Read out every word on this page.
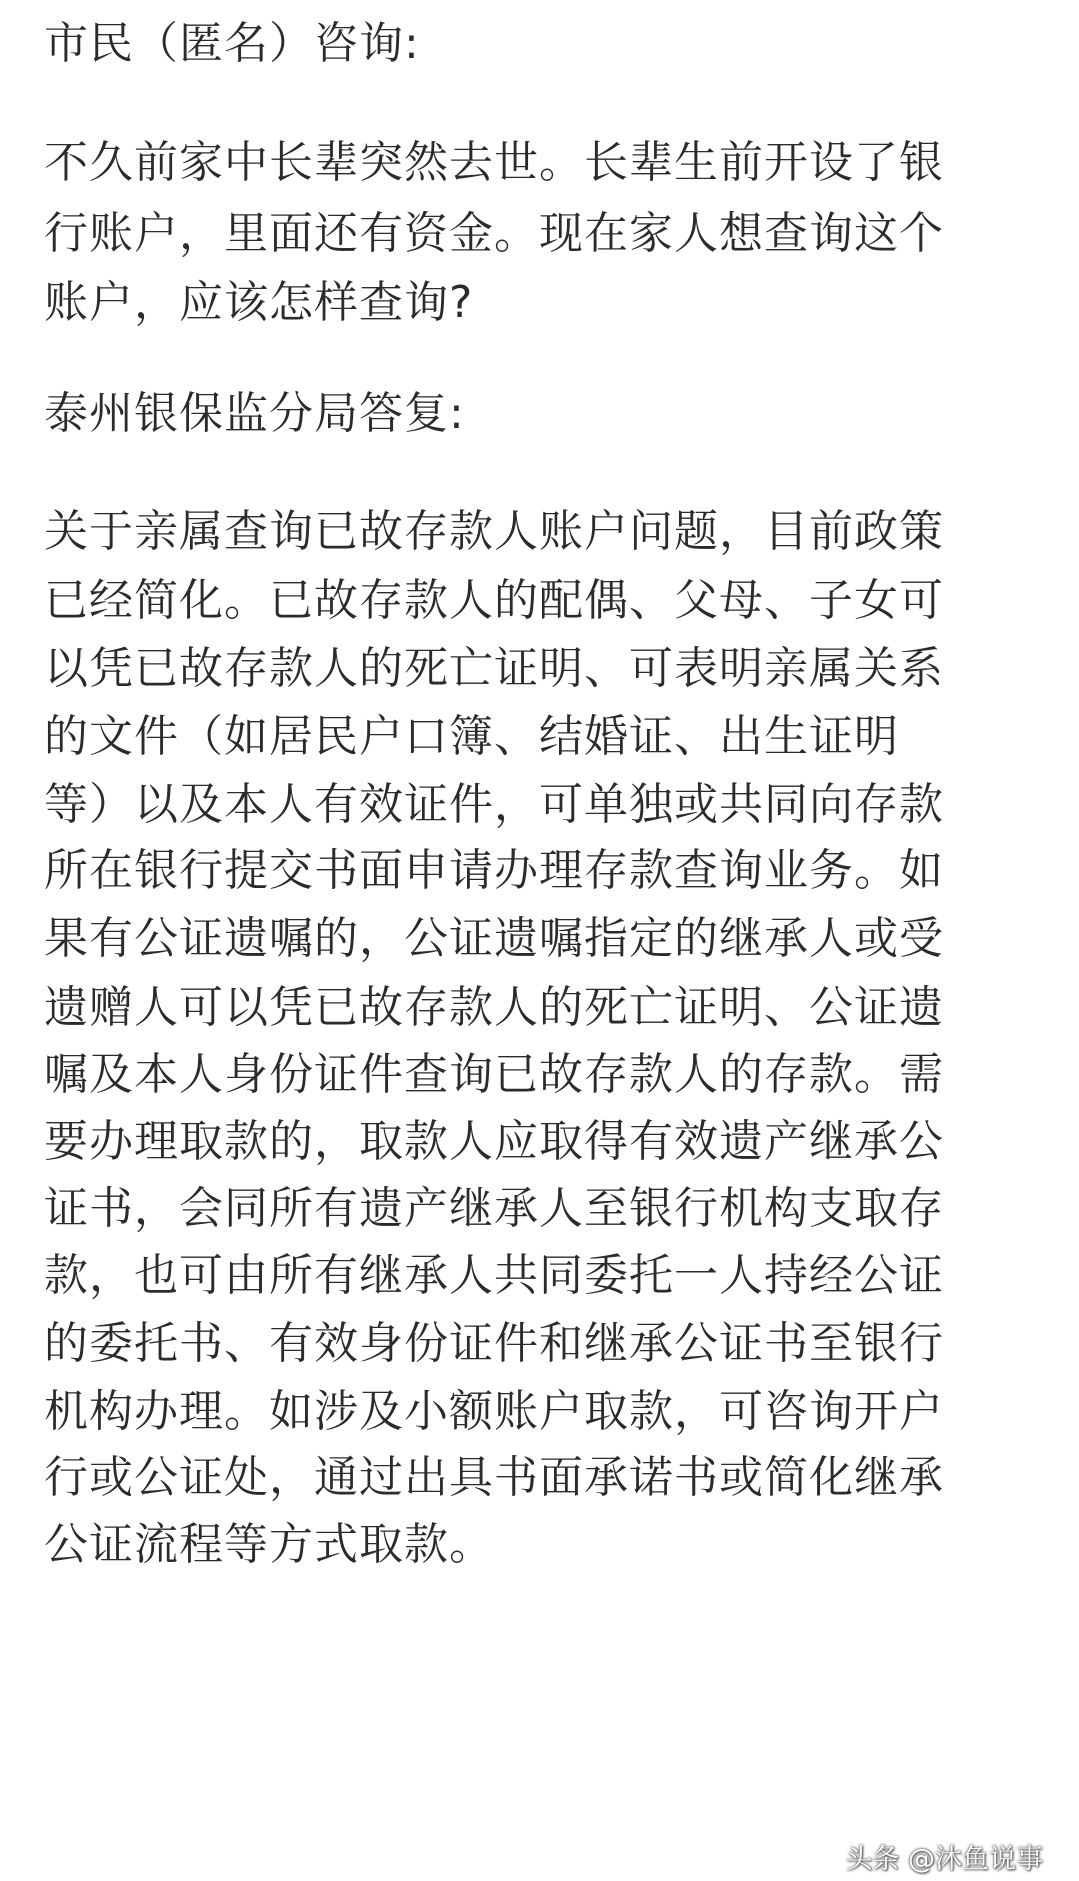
市民（匿名）咨询:
不久前家中长辈突然去世。长辈生前开设了银
行账户，里面还有资金。现在家人想查询这个
账户，应该怎样查询?
泰州银保监分局答复:
关于亲属查询已故存款人账户问题，目前政策
已经简化。已故存款人的配偶、父母、子女可
以凭已故存款人的死亡证明、可表明亲属关系
的文件（如居民户口簿、结婚证、出生证明
等）以及本人有效证件，可单独或共同向存款
所在银行提交书面申请办理存款查询业务。如
果有公证遗嘱的，公证遗嘱指定的继承人或受
遗赠人可以凭已故存款人的死亡证明、公证遗
嘱及本人身份证件查询已故存款人的存款。需
要办理取款的，取款人应取得有效遗产继承公
证书，会同所有遗产继承人至银行机构支取存
款，也可由所有继承人共同委托一人持经公证
的委托书、有效身份证件和继承公证书至银行
机构办理。如涉及小额账户取款，可咨询开户
行或公证处，通过出具书面承诺书或简化继承
公证流程等方式取款。
头条 @沐鱼说事
